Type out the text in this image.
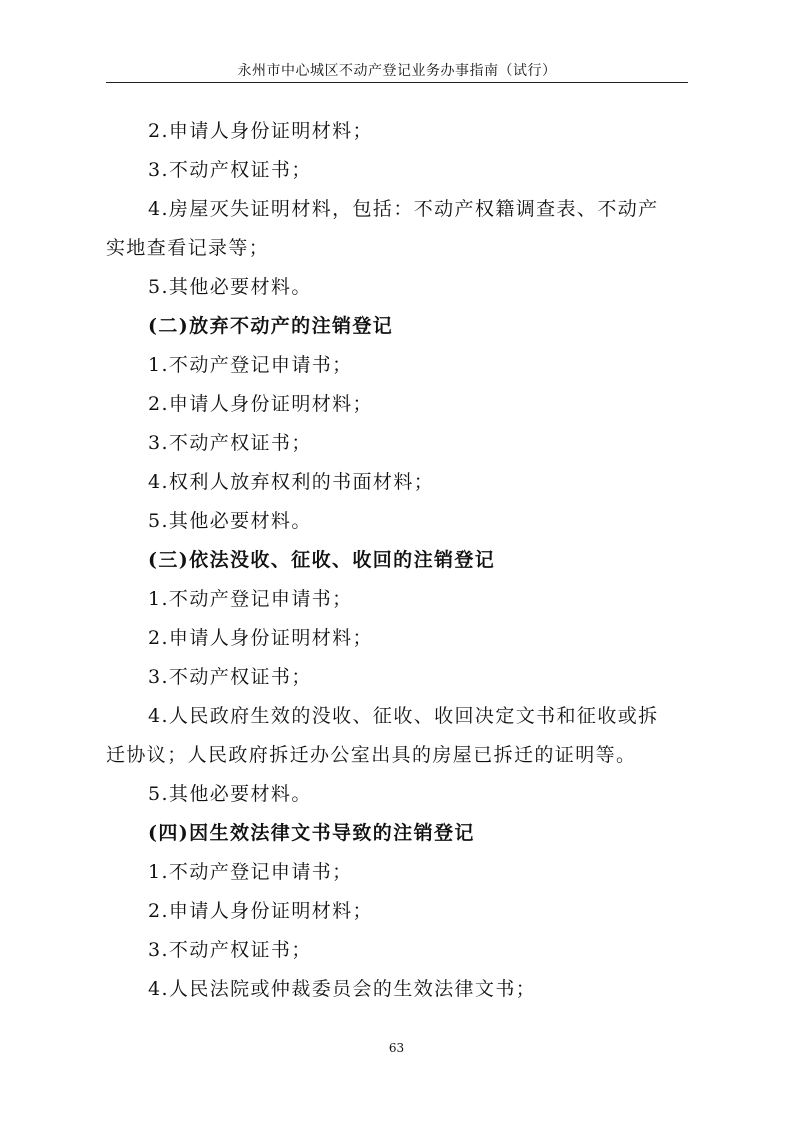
永州市中心城区不动产登记业务办事指南（试行）
2.申请人身份证明材料；
3.不动产权证书；
4.房屋灭失证明材料，包括：不动产权籍调查表、不动产
实地查看记录等；
5.其他必要材料。
(二)放弃不动产的注销登记
1.不动产登记申请书；
2.申请人身份证明材料；
3.不动产权证书；
4.权利人放弃权利的书面材料；
5.其他必要材料。
(三)依法没收、征收、收回的注销登记
1.不动产登记申请书；
2.申请人身份证明材料；
3.不动产权证书；
4.人民政府生效的没收、征收、收回决定文书和征收或拆
迁协议；人民政府拆迁办公室出具的房屋已拆迁的证明等。
5.其他必要材料。
(四)因生效法律文书导致的注销登记
1.不动产登记申请书；
2.申请人身份证明材料；
3.不动产权证书；
4.人民法院或仲裁委员会的生效法律文书；
63
